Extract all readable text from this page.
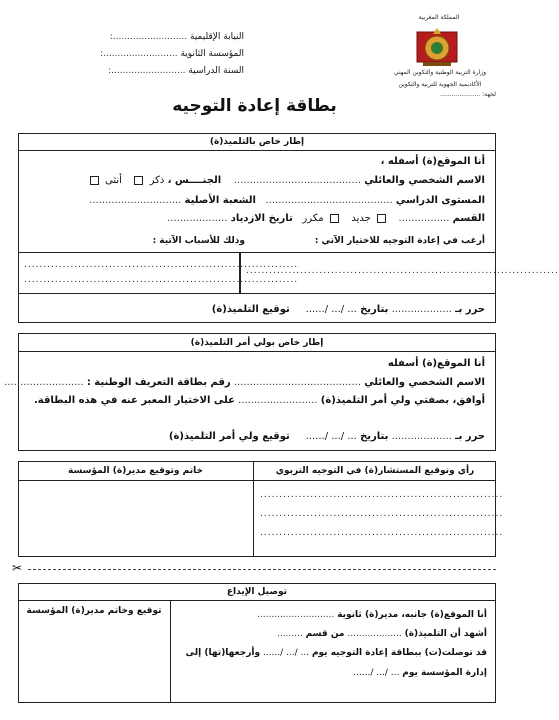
النيابة الإقليمية ..........................:
المؤسسة الثانوية ..........................:
السنة الدراسية ..........................:
المملكة المغربية
وزارة التربية الوطنية والتكوين المهني
الأكاديمية الجهوية للتربية والتكوين
لجهة: .....................
بطاقة إعادة التوجيه
إطار خاص بالتلميذ(ة)
أنا الموقع(ة) أسفله ،
الاسم الشخصي والعائلي ........................................    الجنــــس ، ذكر    أنثى
المستوى الدراسي ........................................   الشعبة الأصلية .............................
القسم ................    جديد    مكرر   تاريخ الازدياد ...................
أرغب في إعادة التوجيه للاختيار الآتي :
وذلك للأسباب الآتية :
.................................................................................
.......................................................................
.......................................................................
حرر بـ ................... بتاريخ ... /... /......     توقيع التلميذ(ة)
إطار خاص بولي أمر التلميذ(ة)
أنا الموقع(ة) أسفله
الاسم الشخصي والعائلي ........................................ رقم بطاقة التعريف الوطنية : .........................
أوافق، بصفتي ولي أمر التلميذ(ة) ......................... على الاختيار المعبر عنه في هذه البطاقة.
حرر بـ ................... بتاريخ ... /... /......     توقيع ولي أمر التلميذ(ة)
رأي وتوقيع المستشار(ة) في التوجيه التربوي
خاتم وتوقيع مدير(ة) المؤسسة
...............................................................
...............................................................
...............................................................
✂
توصيل الإيداع
توقيع وخاتم مدير(ة) المؤسسة	أنا الموقع(ة) جانبه، مدير(ة) ثانوية ...........................
أشهد أن التلميذ(ة) ................... من قسم .........
قد توصلت(ت) ببطاقة إعادة التوجيه يوم ... /... /...... وأرجعها(تها) إلى
إدارة المؤسسة يوم ... /... /......
